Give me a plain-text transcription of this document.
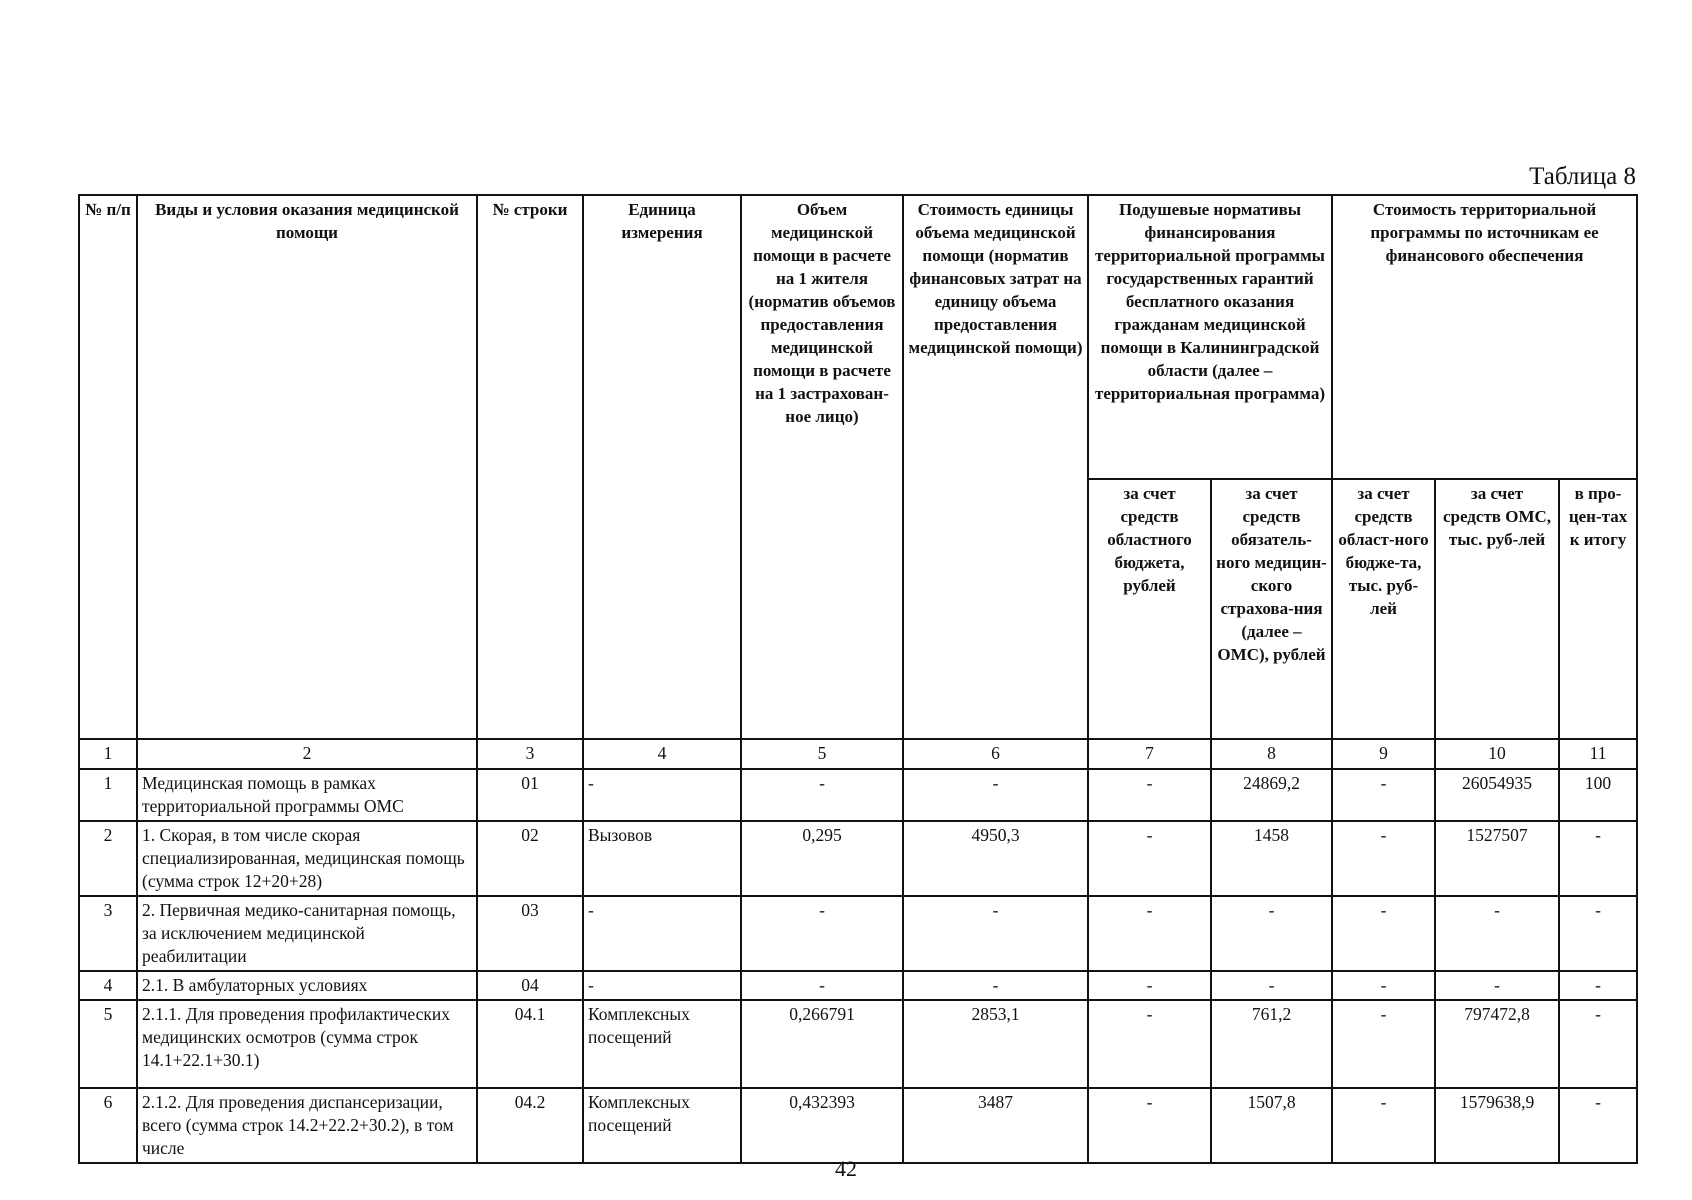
Таблица 8
№ п/п	Виды и условия оказания медицинской помощи	№ строки	Единица измерения	Объем медицинской помощи в расчете на 1 жителя (норматив объемов предоставления медицинской помощи в расчете на 1 застрахован-ное лицо)	Стоимость единицы объема медицинской помощи (норматив финансовых затрат на единицу объема предоставления медицинской помощи)	Подушевые нормативы финансирования территориальной программы государственных гарантий бесплатного оказания гражданам медицинской помощи в Калининградской области (далее – территориальная программа)		Стоимость территориальной программы по источникам ее финансового обеспечения		
						за счет средств областного бюджета, рублей	за счет средств обязатель-ного медицин-ского страхова-ния (далее – ОМС), рублей	за счет средств област-ного бюдже-та, тыс. руб-лей	за счет средств ОМС, тыс. руб-лей	в про-цен-тах к итогу
1	2	3	4	5	6	7	8	9	10	11
1	Медицинская помощь в рамках территориальной программы ОМС	01	-	-	-	-	24869,2	-	26054935	100
2	1. Скорая, в том числе скорая специализированная, медицинская помощь (сумма строк 12+20+28)	02	Вызовов	0,295	4950,3	-	1458	-	1527507	-
3	2. Первичная медико-санитарная помощь, за исключением медицинской реабилитации	03	-	-	-	-	-	-	-	-
4	2.1. В амбулаторных условиях	04	-	-	-	-	-	-	-	-
5	2.1.1. Для проведения профилактических медицинских осмотров (сумма строк 14.1+22.1+30.1)	04.1	Комплексных посещений	0,266791	2853,1	-	761,2	-	797472,8	-
6	2.1.2. Для проведения диспансеризации, всего (сумма строк 14.2+22.2+30.2), в том числе	04.2	Комплексных посещений	0,432393	3487	-	1507,8	-	1579638,9	-
42
